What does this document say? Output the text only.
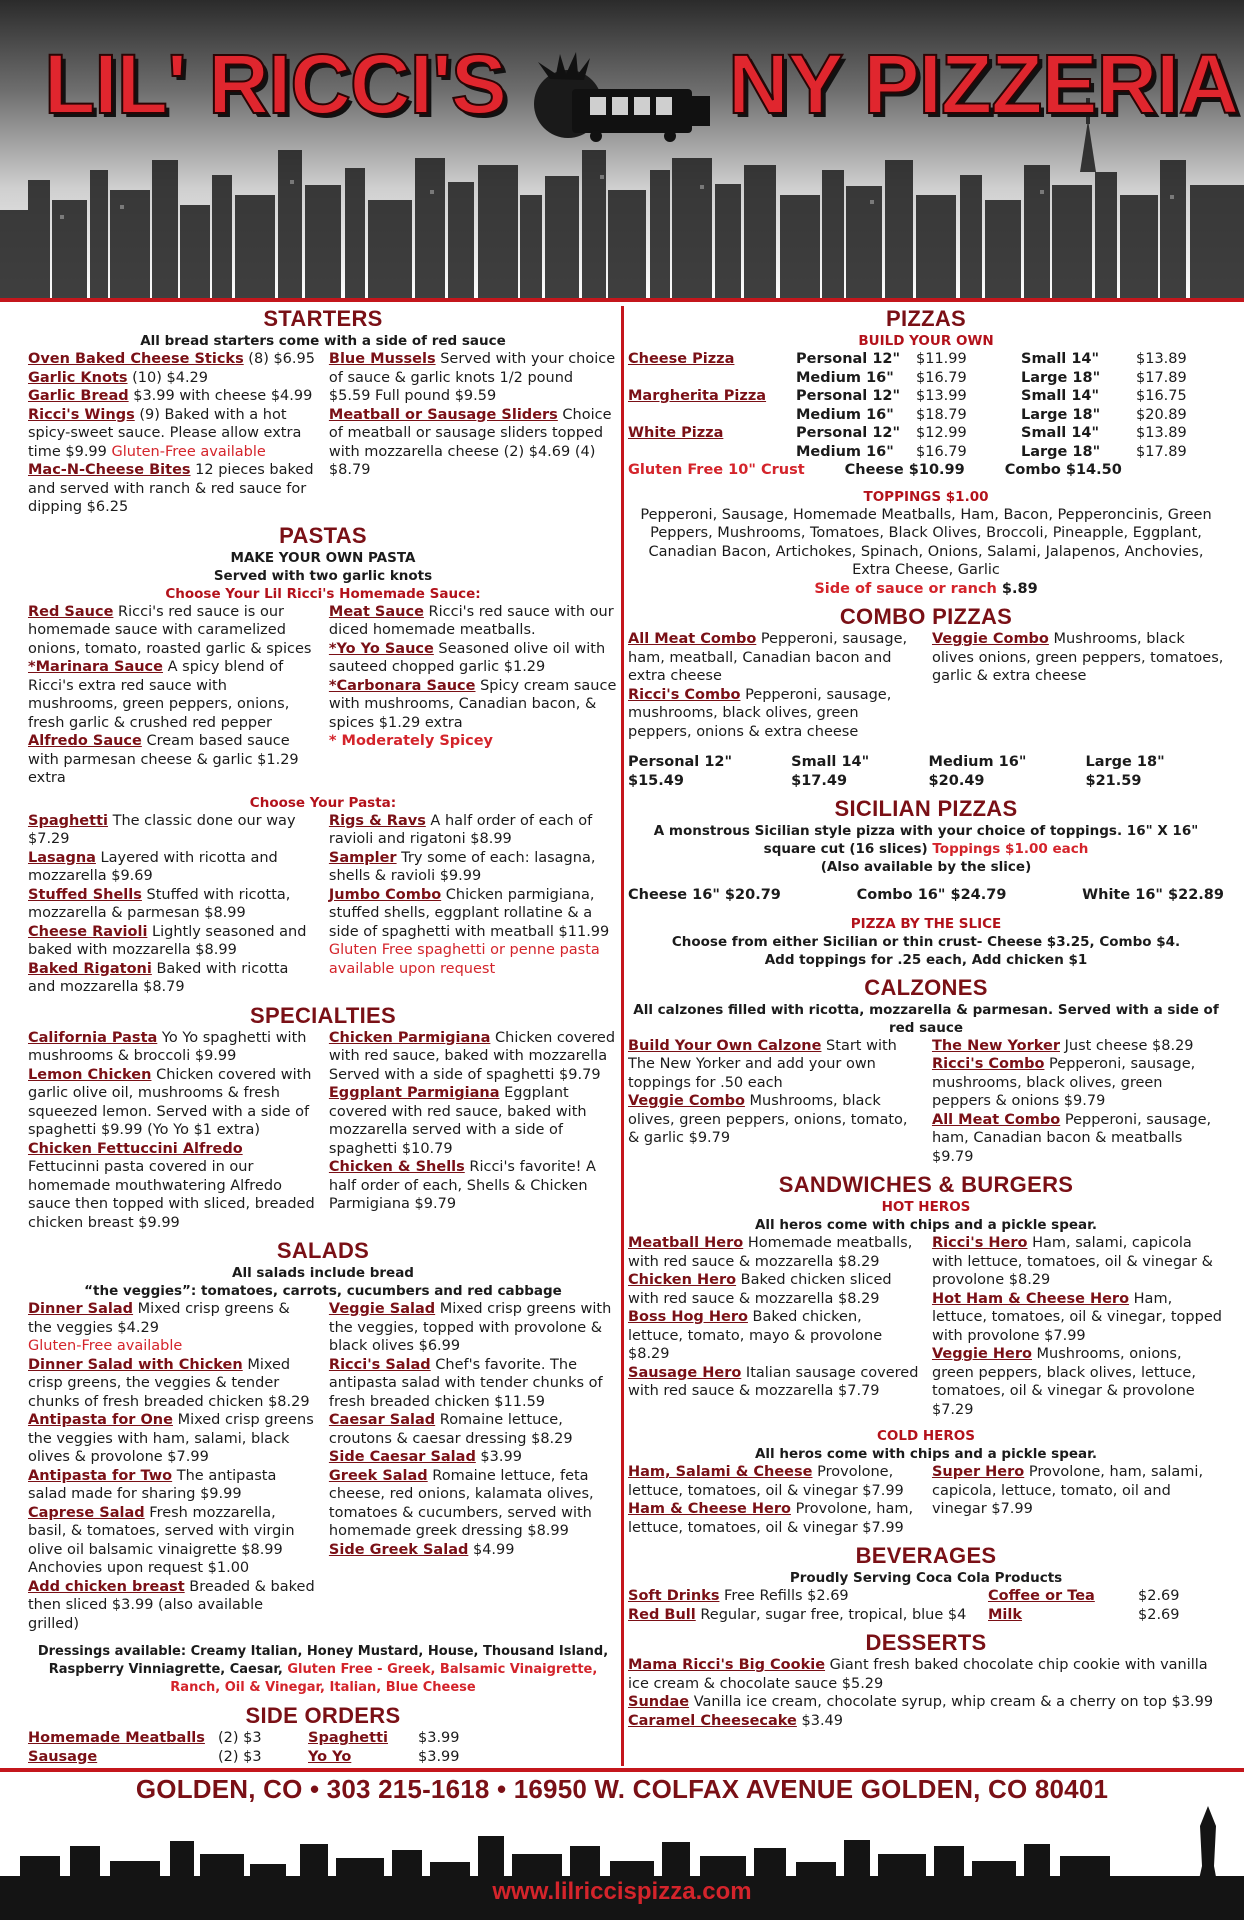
LIL' RICCI'S	NY PIZZERIA
STARTERS
All bread starters come with a side of red sauce
Oven Baked Cheese Sticks (8) $6.95
Garlic Knots (10) $4.29
Garlic Bread $3.99 with cheese $4.99
Ricci's Wings (9) Baked with a hot spicy-sweet sauce. Please allow extra time $9.99 Gluten-Free available
Mac-N-Cheese Bites 12 pieces baked and served with ranch & red sauce for dipping $6.25
Blue Mussels Served with your choice of sauce & garlic knots 1/2 pound $5.59 Full pound $9.59
Meatball or Sausage Sliders Choice of meatball or sausage sliders topped with mozzarella cheese (2) $4.69 (4) $8.79
PASTAS
MAKE YOUR OWN PASTA
Served with two garlic knots
Choose Your Lil Ricci's Homemade Sauce:
Red Sauce Ricci's red sauce is our homemade sauce with caramelized onions, tomato, roasted garlic & spices
*Marinara Sauce A spicy blend of Ricci's extra red sauce with mushrooms, green peppers, onions, fresh garlic & crushed red pepper
Alfredo Sauce Cream based sauce with parmesan cheese & garlic $1.29 extra
Meat Sauce Ricci's red sauce with our diced homemade meatballs.
*Yo Yo Sauce Seasoned olive oil with sauteed chopped garlic $1.29
*Carbonara Sauce Spicy cream sauce with mushrooms, Canadian bacon, & spices $1.29 extra
* Moderately Spicey
Choose Your Pasta:
Spaghetti The classic done our way $7.29
Lasagna Layered with ricotta and mozzarella $9.69
Stuffed Shells Stuffed with ricotta, mozzarella & parmesan $8.99
Cheese Ravioli Lightly seasoned and baked with mozzarella $8.99
Baked Rigatoni Baked with ricotta and mozzarella $8.79
Rigs & Ravs A half order of each of ravioli and rigatoni $8.99
Sampler Try some of each: lasagna, shells & ravioli $9.99
Jumbo Combo Chicken parmigiana, stuffed shells, eggplant rollatine & a side of spaghetti with meatball $11.99
Gluten Free spaghetti or penne pasta available upon request
SPECIALTIES
California Pasta Yo Yo spaghetti with mushrooms & broccoli $9.99
Lemon Chicken Chicken covered with garlic olive oil, mushrooms & fresh squeezed lemon. Served with a side of spaghetti $9.99 (Yo Yo $1 extra)
Chicken Fettuccini Alfredo Fettucinni pasta covered in our homemade mouthwatering Alfredo sauce then topped with sliced, breaded chicken breast $9.99
Chicken Parmigiana Chicken covered with red sauce, baked with mozzarella Served with a side of spaghetti $9.79
Eggplant Parmigiana Eggplant covered with red sauce, baked with mozzarella served with a side of spaghetti $10.79
Chicken & Shells Ricci's favorite! A half order of each, Shells & Chicken Parmigiana $9.79
SALADS
All salads include bread
“the veggies”: tomatoes, carrots, cucumbers and red cabbage
Dinner Salad Mixed crisp greens & the veggies $4.29
Gluten-Free available
Dinner Salad with Chicken Mixed crisp greens, the veggies & tender chunks of fresh breaded chicken $8.29
Antipasta for One Mixed crisp greens the veggies with ham, salami, black olives & provolone $7.99
Antipasta for Two The antipasta salad made for sharing $9.99
Caprese Salad Fresh mozzarella, basil, & tomatoes, served with virgin olive oil balsamic vinaigrette $8.99 Anchovies upon request $1.00
Add chicken breast Breaded & baked then sliced $3.99 (also available grilled)
Veggie Salad Mixed crisp greens with the veggies, topped with provolone & black olives $6.99
Ricci's Salad Chef's favorite. The antipasta salad with tender chunks of fresh breaded chicken $11.59
Caesar Salad Romaine lettuce, croutons & caesar dressing $8.29
Side Caesar Salad $3.99
Greek Salad Romaine lettuce, feta cheese, red onions, kalamata olives, tomatoes & cucumbers, served with homemade greek dressing $8.99
Side Greek Salad $4.99
Dressings available: Creamy Italian, Honey Mustard, House, Thousand Island, Raspberry Vinniagrette, Caesar, Gluten Free - Greek, Balsamic Vinaigrette, Ranch, Oil & Vinegar, Italian, Blue Cheese
SIDE ORDERS
Homemade Meatballs (2) $3	Spaghetti	$3.99
Sausage	(2) $3	Yo Yo	$3.99
PIZZAS
BUILD YOUR OWN
Cheese Pizza	Personal 12"	$11.99	Small 14"	$13.89
Medium 16"	$16.79	Large 18"	$17.89
Margherita Pizza	Personal 12"	$13.99	Small 14"	$16.75
Medium 16"	$18.79	Large 18"	$20.89
White Pizza	Personal 12"	$12.99	Small 14"	$13.89
Medium 16"	$16.79	Large 18"	$17.89
Gluten Free 10" Crust	Cheese $10.99	Combo $14.50
TOPPINGS $1.00
Pepperoni, Sausage, Homemade Meatballs, Ham, Bacon, Pepperoncinis, Green Peppers, Mushrooms, Tomatoes, Black Olives, Broccoli, Pineapple, Eggplant, Canadian Bacon, Artichokes, Spinach, Onions, Salami, Jalapenos, Anchovies, Extra Cheese, Garlic
Side of sauce or ranch $.89
COMBO PIZZAS
All Meat Combo Pepperoni, sausage, ham, meatball, Canadian bacon and extra cheese
Ricci's Combo Pepperoni, sausage, mushrooms, black olives, green peppers, onions & extra cheese
Veggie Combo Mushrooms, black olives onions, green peppers, tomatoes, garlic & extra cheese
Personal 12" $15.49
Small 14" $17.49
Medium 16" $20.49
Large 18" $21.59
SICILIAN PIZZAS
A monstrous Sicilian style pizza with your choice of toppings. 16" X 16" square cut (16 slices) Toppings $1.00 each
(Also available by the slice)
Cheese 16" $20.79	Combo 16" $24.79	White 16" $22.89
PIZZA BY THE SLICE
Choose from either Sicilian or thin crust- Cheese $3.25, Combo $4.
Add toppings for .25 each, Add chicken $1
CALZONES
All calzones filled with ricotta, mozzarella & parmesan. Served with a side of red sauce
Build Your Own Calzone Start with The New Yorker and add your own toppings for .50 each
Veggie Combo Mushrooms, black olives, green peppers, onions, tomato, & garlic $9.79
The New Yorker Just cheese $8.29
Ricci's Combo Pepperoni, sausage, mushrooms, black olives, green peppers & onions $9.79
All Meat Combo Pepperoni, sausage, ham, Canadian bacon & meatballs $9.79
SANDWICHES & BURGERS
HOT HEROS
All heros come with chips and a pickle spear.
Meatball Hero Homemade meatballs, with red sauce & mozzarella $8.29
Chicken Hero Baked chicken sliced with red sauce & mozzarella $8.29
Boss Hog Hero Baked chicken, lettuce, tomato, mayo & provolone $8.29
Sausage Hero Italian sausage covered with red sauce & mozzarella $7.79
Ricci's Hero Ham, salami, capicola with lettuce, tomatoes, oil & vinegar & provolone $8.29
Hot Ham & Cheese Hero Ham, lettuce, tomatoes, oil & vinegar, topped with provolone $7.99
Veggie Hero Mushrooms, onions, green peppers, black olives, lettuce, tomatoes, oil & vinegar & provolone $7.29
COLD HEROS
All heros come with chips and a pickle spear.
Ham, Salami & Cheese Provolone, lettuce, tomatoes, oil & vinegar $7.99
Ham & Cheese Hero Provolone, ham, lettuce, tomatoes, oil & vinegar $7.99
Super Hero Provolone, ham, salami, capicola, lettuce, tomato, oil and vinegar $7.99
BEVERAGES
Proudly Serving Coca Cola Products
Soft Drinks Free Refills $2.69	Coffee or Tea	$2.69
Red Bull Regular, sugar free, tropical, blue $4	Milk	$2.69
DESSERTS
Mama Ricci's Big Cookie Giant fresh baked chocolate chip cookie with vanilla ice cream & chocolate sauce $5.29
Sundae Vanilla ice cream, chocolate syrup, whip cream & a cherry on top $3.99
Caramel Cheesecake $3.49
GOLDEN, CO • 303 215-1618 • 16950 W. COLFAX AVENUE GOLDEN, CO 80401
www.lilriccispizza.com
